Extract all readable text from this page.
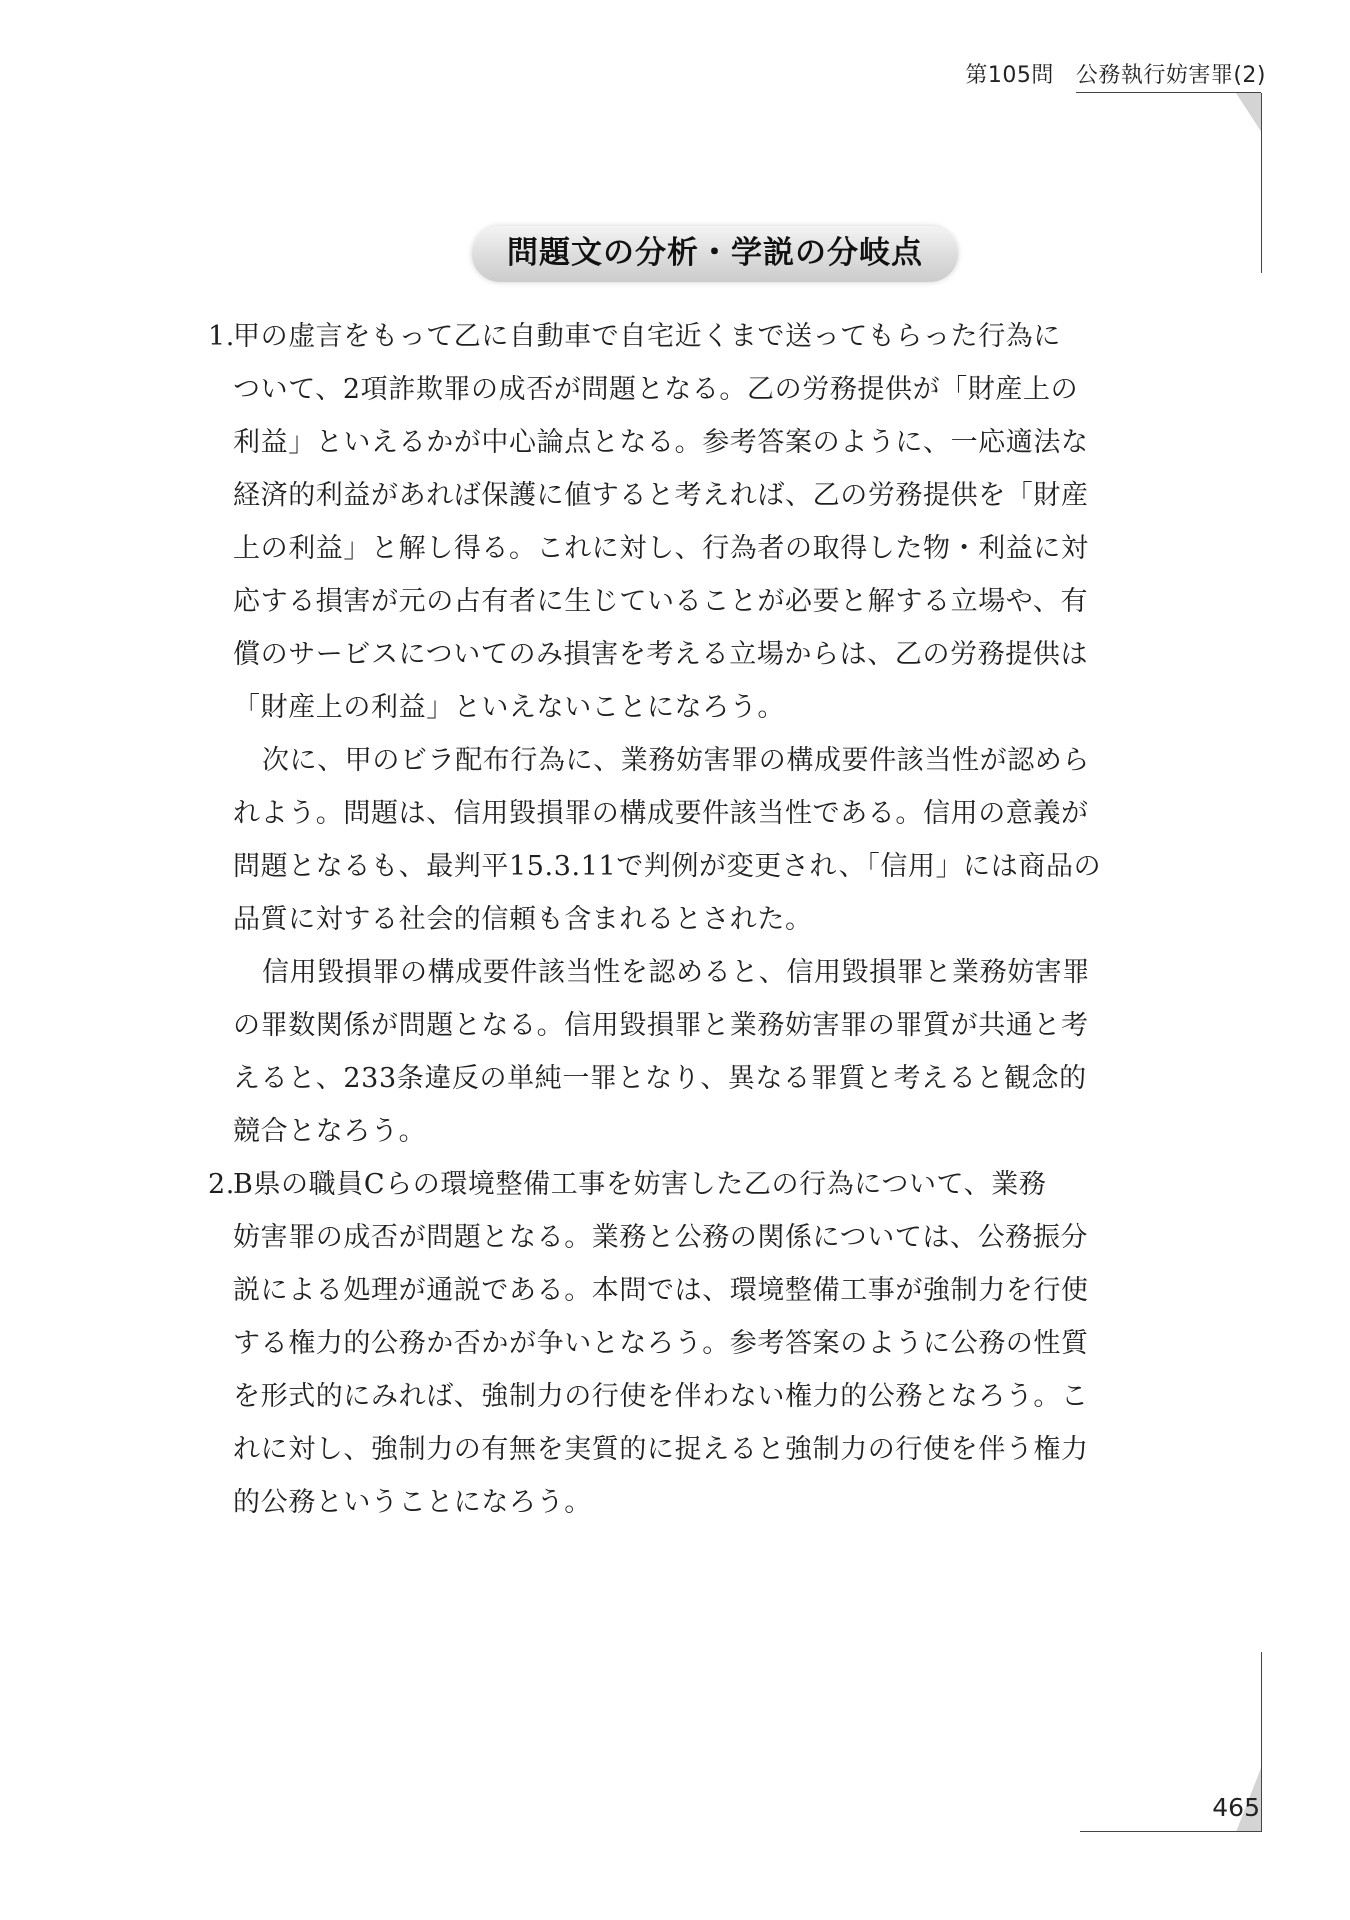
第105問 公務執行妨害罪(2)
問題文の分析・学説の分岐点
1.甲の虚言をもって乙に自動車で自宅近くまで送ってもらった行為に
ついて、2項詐欺罪の成否が問題となる。乙の労務提供が「財産上の
利益」といえるかが中心論点となる。参考答案のように、一応適法な
経済的利益があれば保護に値すると考えれば、乙の労務提供を「財産
上の利益」と解し得る。これに対し、行為者の取得した物・利益に対
応する損害が元の占有者に生じていることが必要と解する立場や、有
償のサービスについてのみ損害を考える立場からは、乙の労務提供は
「財産上の利益」といえないことになろう。
次に、甲のビラ配布行為に、業務妨害罪の構成要件該当性が認めら
れよう。問題は、信用毀損罪の構成要件該当性である。信用の意義が
問題となるも、最判平15.3.11で判例が変更され、「信用」には商品の
品質に対する社会的信頼も含まれるとされた。
信用毀損罪の構成要件該当性を認めると、信用毀損罪と業務妨害罪
の罪数関係が問題となる。信用毀損罪と業務妨害罪の罪質が共通と考
えると、233条違反の単純一罪となり、異なる罪質と考えると観念的
競合となろう。
2.B県の職員Cらの環境整備工事を妨害した乙の行為について、業務
妨害罪の成否が問題となる。業務と公務の関係については、公務振分
説による処理が通説である。本問では、環境整備工事が強制力を行使
する権力的公務か否かが争いとなろう。参考答案のように公務の性質
を形式的にみれば、強制力の行使を伴わない権力的公務となろう。こ
れに対し、強制力の有無を実質的に捉えると強制力の行使を伴う権力
的公務ということになろう。
465
